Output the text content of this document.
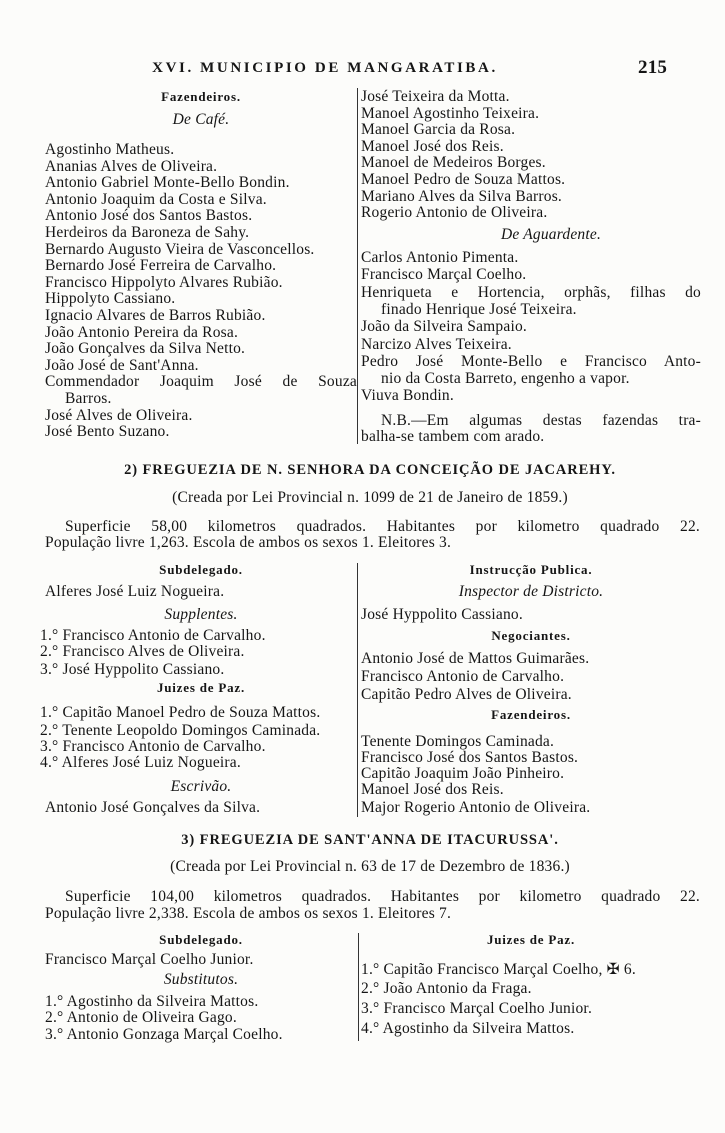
XVI. MUNICIPIO DE MANGARATIBA.	215
Fazendeiros.
De Café.
Agostinho Matheus.
Ananias Alves de Oliveira.
Antonio Gabriel Monte-Bello Bondin.
Antonio Joaquim da Costa e Silva.
Antonio José dos Santos Bastos.
Herdeiros da Baroneza de Sahy.
Bernardo Augusto Vieira de Vasconcellos.
Bernardo José Ferreira de Carvalho.
Francisco Hippolyto Alvares Rubião.
Hippolyto Cassiano.
Ignacio Alvares de Barros Rubião.
João Antonio Pereira da Rosa.
João Gonçalves da Silva Netto.
João José de Sant'Anna.
Commendador Joaquim José de Souza
Barros.
José Alves de Oliveira.
José Bento Suzano.
José Teixeira da Motta.
Manoel Agostinho Teixeira.
Manoel Garcia da Rosa.
Manoel José dos Reis.
Manoel de Medeiros Borges.
Manoel Pedro de Souza Mattos.
Mariano Alves da Silva Barros.
Rogerio Antonio de Oliveira.
De Aguardente.
Carlos Antonio Pimenta.
Francisco Marçal Coelho.
Henriqueta e Hortencia, orphãs, filhas do
finado Henrique José Teixeira.
João da Silveira Sampaio.
Narcizo Alves Teixeira.
Pedro José Monte-Bello e Francisco Anto-
nio da Costa Barreto, engenho a vapor.
Viuva Bondin.
N.B.—Em algumas destas fazendas tra-
balha-se tambem com arado.
2) FREGUEZIA DE N. SENHORA DA CONCEIÇÃO DE JACAREHY.
(Creada por Lei Provincial n. 1099 de 21 de Janeiro de 1859.)
Superficie 58,00 kilometros quadrados. Habitantes por kilometro quadrado 22.
População livre 1,263. Escola de ambos os sexos 1. Eleitores 3.
Subdelegado.
Alferes José Luiz Nogueira.
Supplentes.
1.° Francisco Antonio de Carvalho.
2.° Francisco Alves de Oliveira.
3.° José Hyppolito Cassiano.
Juizes de Paz.
1.° Capitão Manoel Pedro de Souza Mattos.
2.° Tenente Leopoldo Domingos Caminada.
3.° Francisco Antonio de Carvalho.
4.° Alferes José Luiz Nogueira.
Escrivão.
Antonio José Gonçalves da Silva.
Instrucção Publica.
Inspector de Districto.
José Hyppolito Cassiano.
Negociantes.
Antonio José de Mattos Guimarães.
Francisco Antonio de Carvalho.
Capitão Pedro Alves de Oliveira.
Fazendeiros.
Tenente Domingos Caminada.
Francisco José dos Santos Bastos.
Capitão Joaquim João Pinheiro.
Manoel José dos Reis.
Major Rogerio Antonio de Oliveira.
3) FREGUEZIA DE SANT'ANNA DE ITACURUSSA'.
(Creada por Lei Provincial n. 63 de 17 de Dezembro de 1836.)
Superficie 104,00 kilometros quadrados. Habitantes por kilometro quadrado 22.
População livre 2,338. Escola de ambos os sexos 1. Eleitores 7.
Subdelegado.
Francisco Marçal Coelho Junior.
Substitutos.
1.° Agostinho da Silveira Mattos.
2.° Antonio de Oliveira Gago.
3.° Antonio Gonzaga Marçal Coelho.
Juizes de Paz.
1.° Capitão Francisco Marçal Coelho, ✠ 6.
2.° João Antonio da Fraga.
3.° Francisco Marçal Coelho Junior.
4.° Agostinho da Silveira Mattos.
